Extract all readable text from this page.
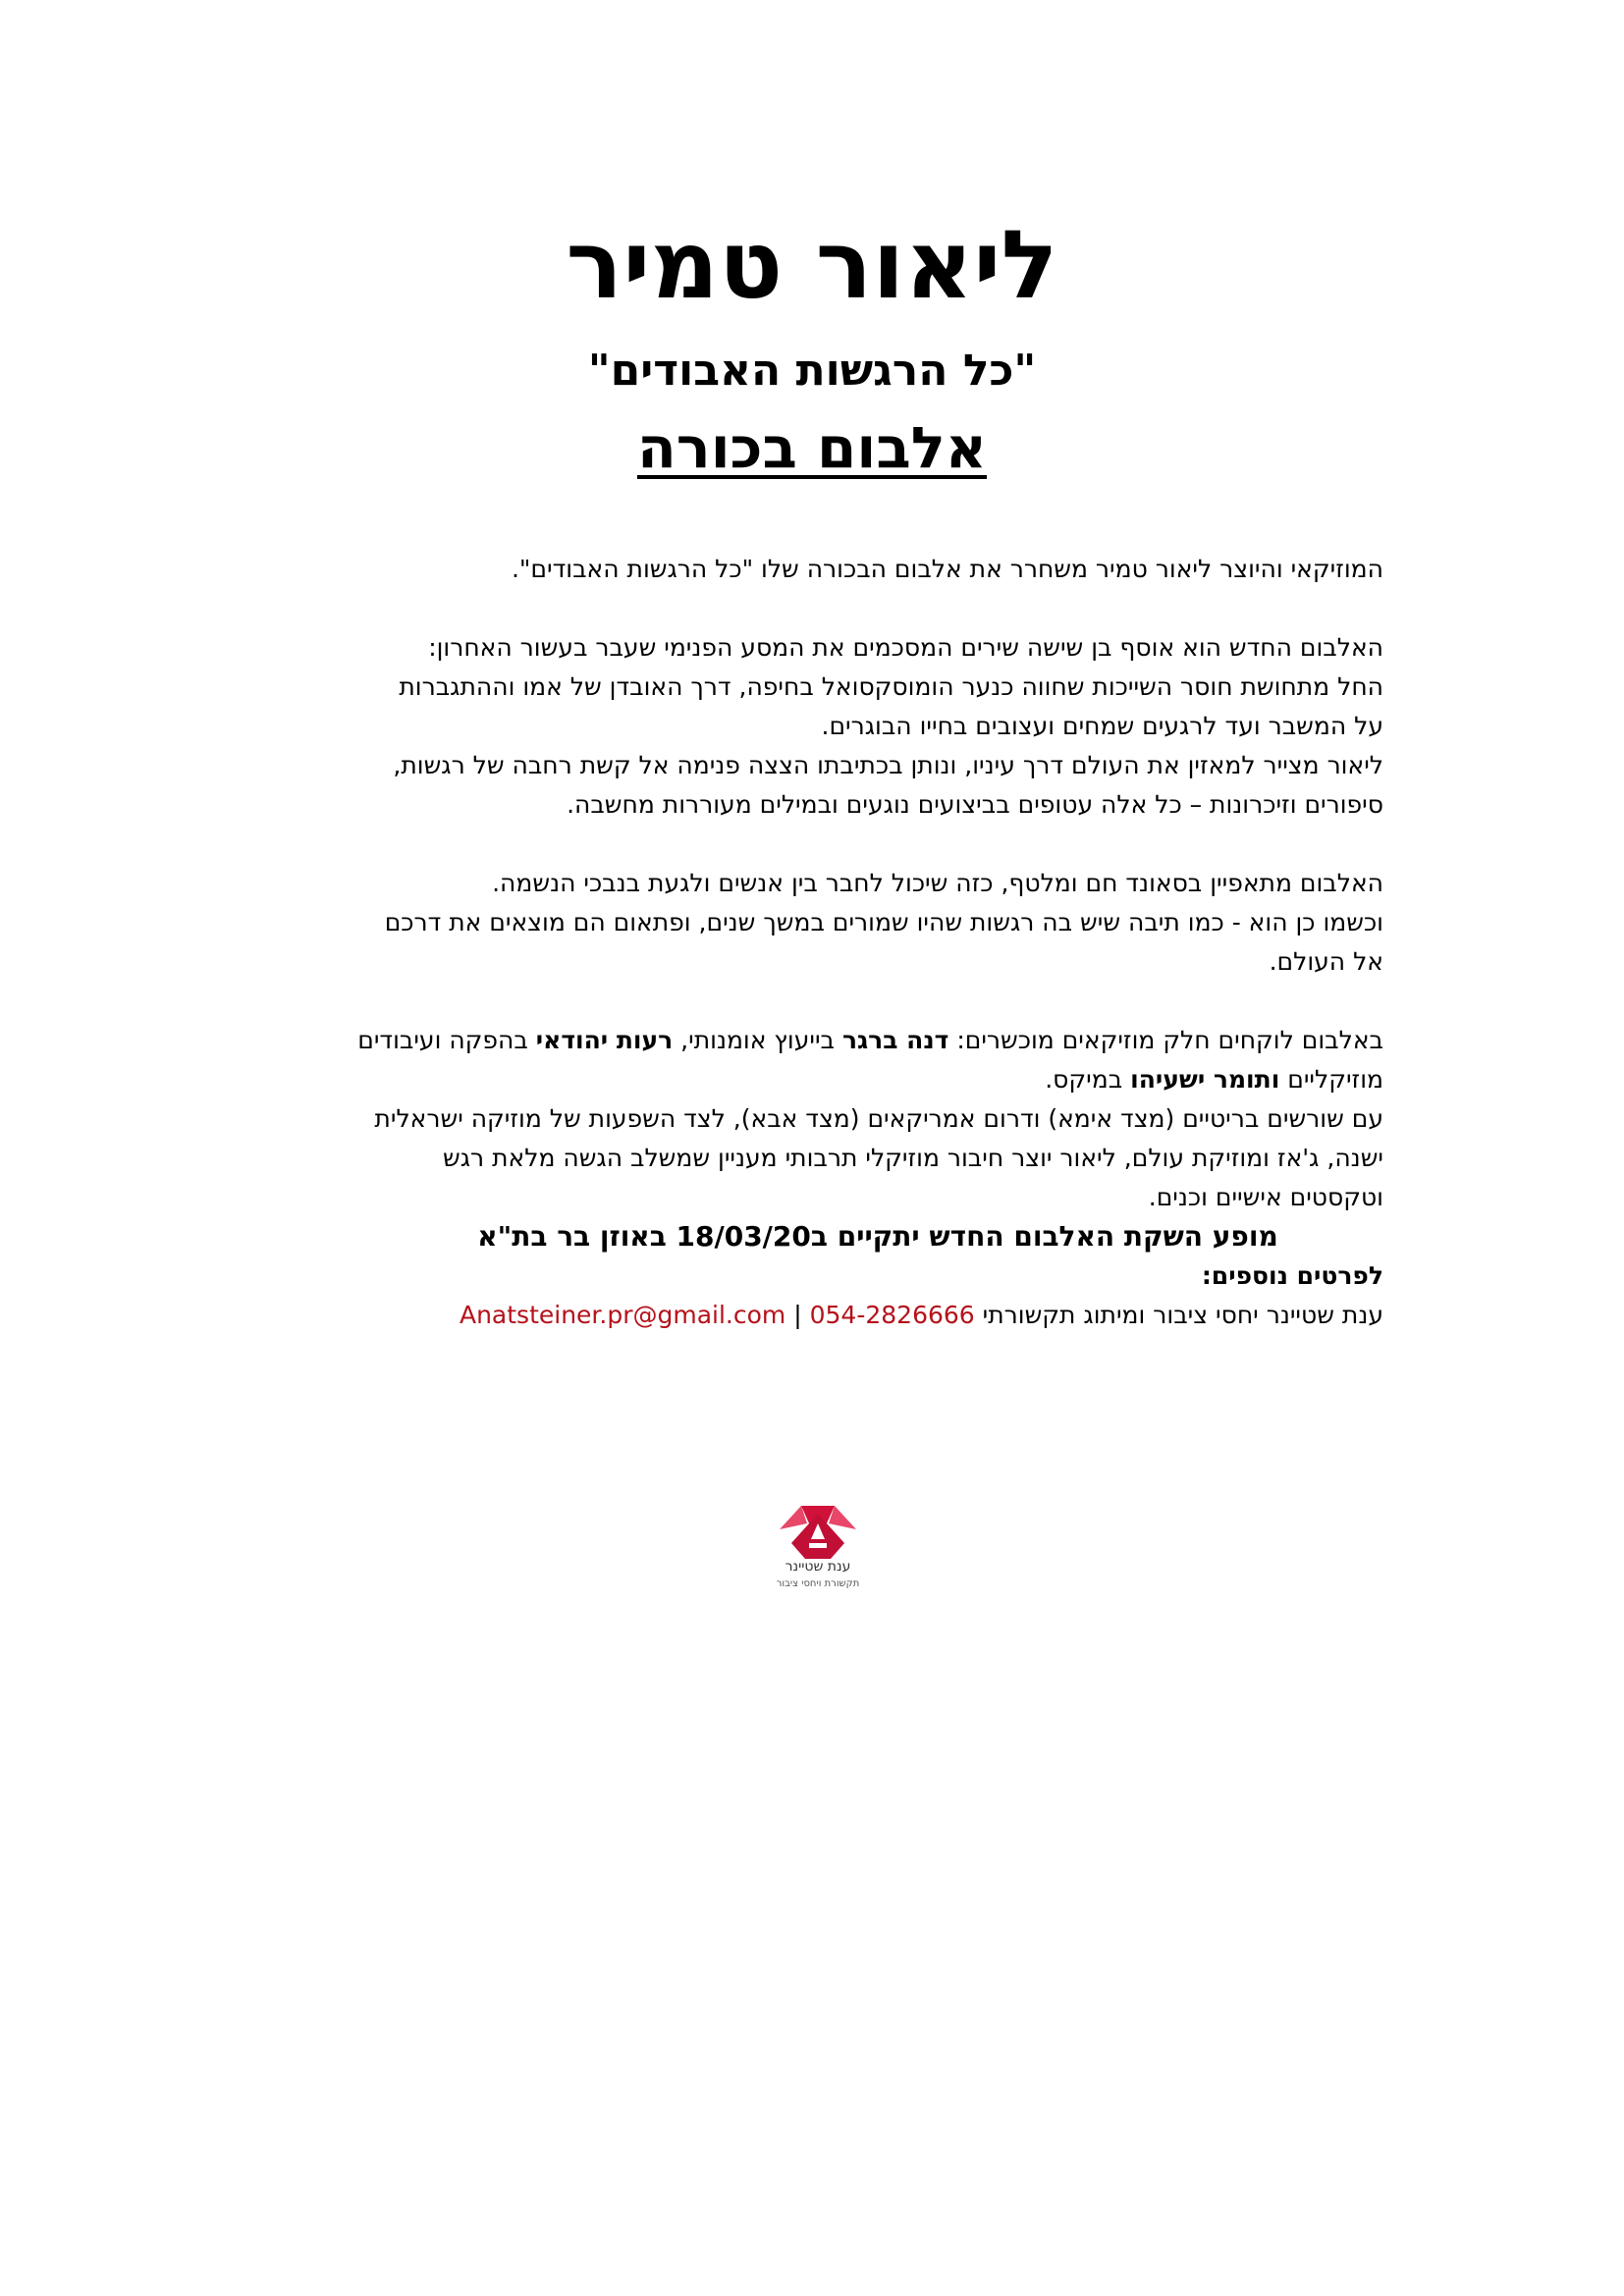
ליאור טמיר
"כל הרגשות האבודים"
אלבום בכורה

המוזיקאי והיוצר ליאור טמיר משחרר את אלבום הבכורה שלו "כל הרגשות האבודים".

האלבום החדש הוא אוסף בן שישה שירים המסכמים את המסע הפנימי שעבר בעשור האחרון:

החל מתחושת חוסר השייכות שחווה כנער הומוסקסואל בחיפה, דרך האובדן של אמו וההתגברות

על המשבר ועד לרגעים שמחים ועצובים בחייו הבוגרים.

ליאור מצייר למאזין את העולם דרך עיניו, ונותן בכתיבתו הצצה פנימה אל קשת רחבה של רגשות,

סיפורים וזיכרונות – כל אלה עטופים בביצועים נוגעים ובמילים מעוררות מחשבה.

האלבום מתאפיין בסאונד חם ומלטף, כזה שיכול לחבר בין אנשים ולגעת בנבכי הנשמה.

וכשמו כן הוא - כמו תיבה שיש בה רגשות שהיו שמורים במשך שנים, ופתאום הם מוצאים את דרכם

אל העולם.

באלבום לוקחים חלק מוזיקאים מוכשרים: דנה ברגר בייעוץ אומנותי, רעות יהודאי בהפקה ועיבודים

מוזיקליים ותומר ישעיהו במיקס.

עם שורשים בריטיים (מצד אימא) ודרום אמריקאים (מצד אבא), לצד השפעות של מוזיקה ישראלית

ישנה, ג'אז ומוזיקת עולם, ליאור יוצר חיבור מוזיקלי תרבותי מעניין שמשלב הגשה מלאת רגש

וטקסטים אישיים וכנים.

מופע השקת האלבום החדש יתקיים ב18/03/20 באוזן בר בת"א

לפרטים נוספים:

ענת שטיינר יחסי ציבור ומיתוג תקשורתי 054-2826666 | Anatsteiner.pr@gmail.com

ענת שטיינר
תקשורת ויחסי ציבור
